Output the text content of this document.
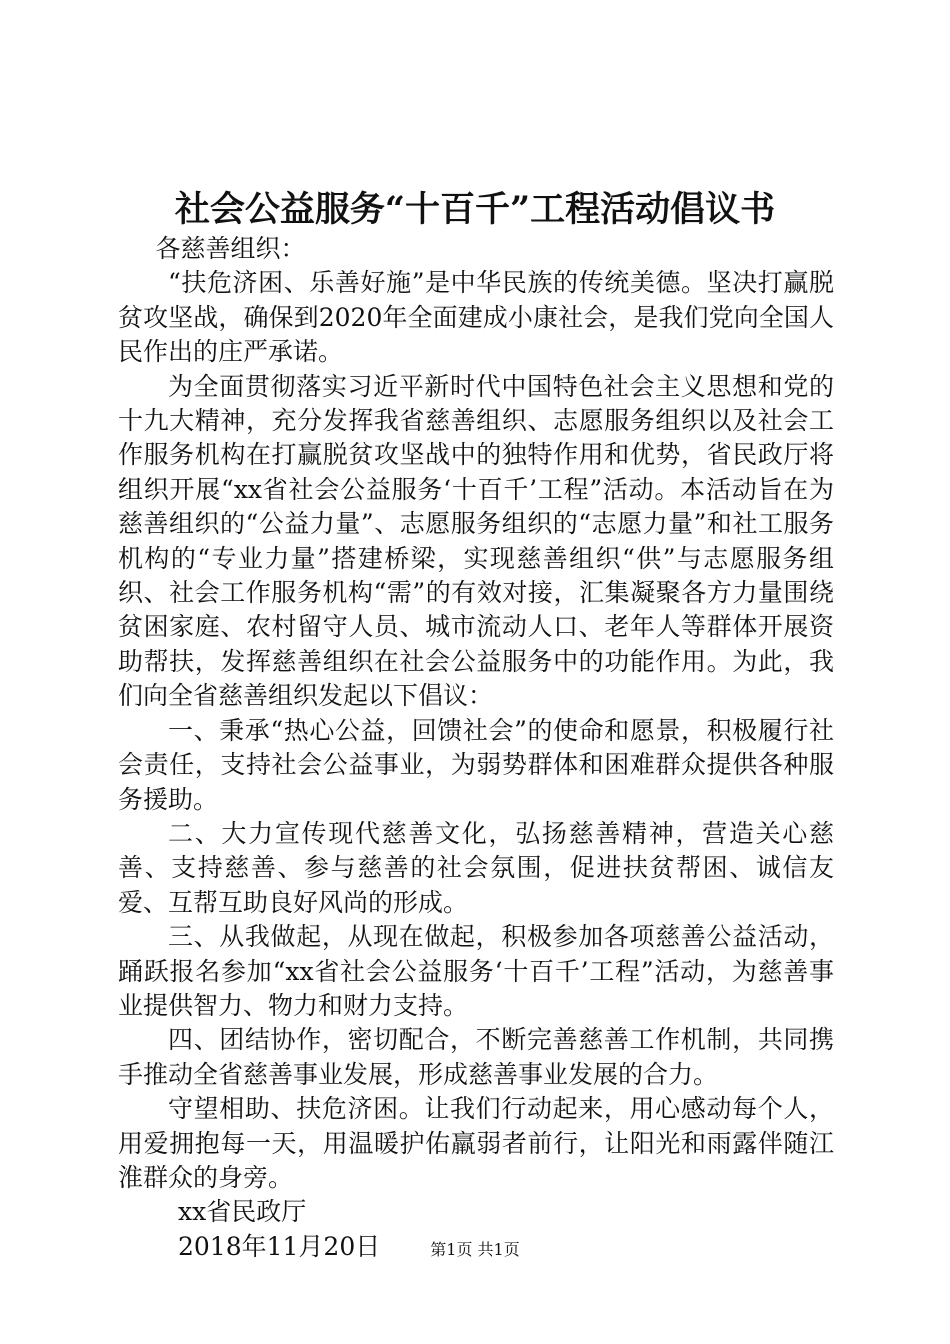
社会公益服务“十百千”工程活动倡议书

各慈善组织：

“扶危济困、乐善好施”是中华民族的传统美德。坚决打赢脱贫攻坚战，确保到2020年全面建成小康社会，是我们党向全国人民作出的庄严承诺。

为全面贯彻落实习近平新时代中国特色社会主义思想和党的十九大精神，充分发挥我省慈善组织、志愿服务组织以及社会工作服务机构在打赢脱贫攻坚战中的独特作用和优势，省民政厅将组织开展“xx省社会公益服务‘十百千’工程”活动。本活动旨在为慈善组织的“公益力量”、志愿服务组织的“志愿力量”和社工服务机构的“专业力量”搭建桥梁，实现慈善组织“供”与志愿服务组织、社会工作服务机构“需”的有效对接，汇集凝聚各方力量围绕贫困家庭、农村留守人员、城市流动人口、老年人等群体开展资助帮扶，发挥慈善组织在社会公益服务中的功能作用。为此，我们向全省慈善组织发起以下倡议：

一、秉承“热心公益，回馈社会”的使命和愿景，积极履行社会责任，支持社会公益事业，为弱势群体和困难群众提供各种服务援助。

二、大力宣传现代慈善文化，弘扬慈善精神，营造关心慈善、支持慈善、参与慈善的社会氛围，促进扶贫帮困、诚信友爱、互帮互助良好风尚的形成。

三、从我做起，从现在做起，积极参加各项慈善公益活动，踊跃报名参加“xx省社会公益服务‘十百千’工程”活动，为慈善事业提供智力、物力和财力支持。

四、团结协作，密切配合，不断完善慈善工作机制，共同携手推动全省慈善事业发展，形成慈善事业发展的合力。

守望相助、扶危济困。让我们行动起来，用心感动每个人，用爱拥抱每一天，用温暖护佑羸弱者前行，让阳光和雨露伴随江淮群众的身旁。

xx省民政厅

2018年11月20日	第1页 共1页
